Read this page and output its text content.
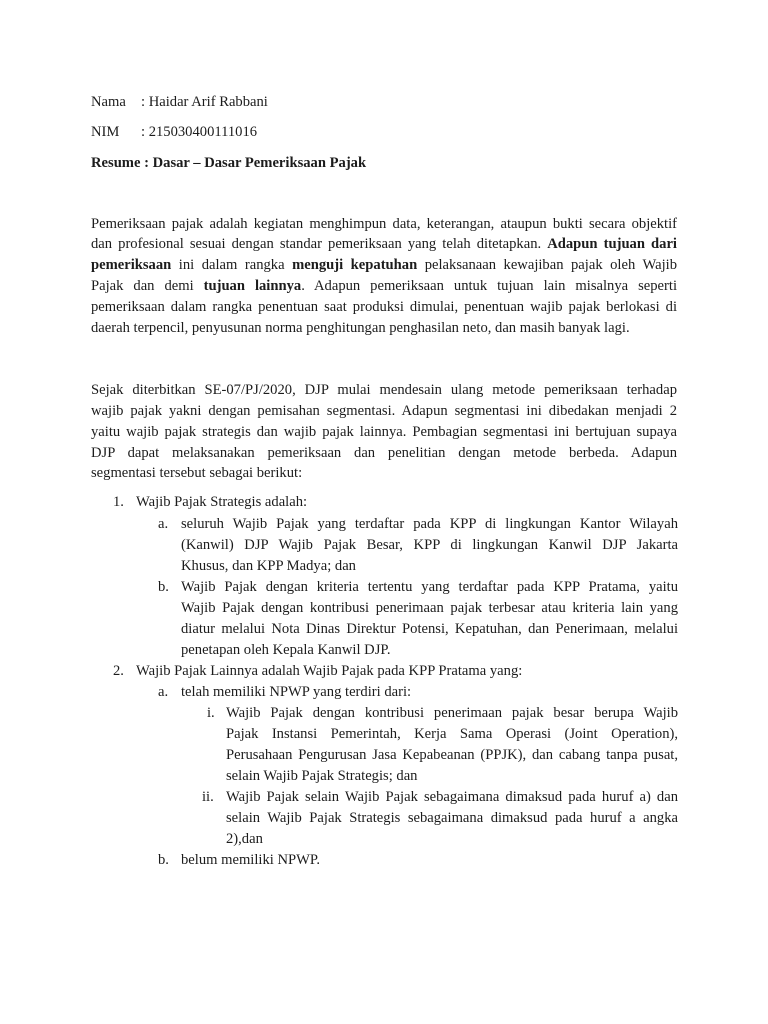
Nama : Haidar Arif Rabbani
NIM : 215030400111016
Resume : Dasar – Dasar Pemeriksaan Pajak
Pemeriksaan pajak adalah kegiatan menghimpun data, keterangan, ataupun bukti secara objektif
dan profesional sesuai dengan standar pemeriksaan yang telah ditetapkan. Adapun tujuan dari
pemeriksaan ini dalam rangka menguji kepatuhan pelaksanaan kewajiban pajak oleh Wajib
Pajak dan demi tujuan lainnya. Adapun pemeriksaan untuk tujuan lain misalnya seperti
pemeriksaan dalam rangka penentuan saat produksi dimulai, penentuan wajib pajak berlokasi di
daerah terpencil, penyusunan norma penghitungan penghasilan neto, dan masih banyak lagi.
Sejak diterbitkan SE-07/PJ/2020, DJP mulai mendesain ulang metode pemeriksaan terhadap
wajib pajak yakni dengan pemisahan segmentasi. Adapun segmentasi ini dibedakan menjadi 2
yaitu wajib pajak strategis dan wajib pajak lainnya. Pembagian segmentasi ini bertujuan supaya
DJP dapat melaksanakan pemeriksaan dan penelitian dengan metode berbeda. Adapun
segmentasi tersebut sebagai berikut:
1. Wajib Pajak Strategis adalah:
a. seluruh Wajib Pajak yang terdaftar pada KPP di lingkungan Kantor Wilayah
(Kanwil) DJP Wajib Pajak Besar, KPP di lingkungan Kanwil DJP Jakarta
Khusus, dan KPP Madya; dan
b. Wajib Pajak dengan kriteria tertentu yang terdaftar pada KPP Pratama, yaitu
Wajib Pajak dengan kontribusi penerimaan pajak terbesar atau kriteria lain yang
diatur melalui Nota Dinas Direktur Potensi, Kepatuhan, dan Penerimaan, melalui
penetapan oleh Kepala Kanwil DJP.
2. Wajib Pajak Lainnya adalah Wajib Pajak pada KPP Pratama yang:
a. telah memiliki NPWP yang terdiri dari:
i. Wajib Pajak dengan kontribusi penerimaan pajak besar berupa Wajib
Pajak Instansi Pemerintah, Kerja Sama Operasi (Joint Operation),
Perusahaan Pengurusan Jasa Kepabeanan (PPJK), dan cabang tanpa pusat,
selain Wajib Pajak Strategis; dan
ii. Wajib Pajak selain Wajib Pajak sebagaimana dimaksud pada huruf a) dan
selain Wajib Pajak Strategis sebagaimana dimaksud pada huruf a angka
2),dan
b. belum memiliki NPWP.
